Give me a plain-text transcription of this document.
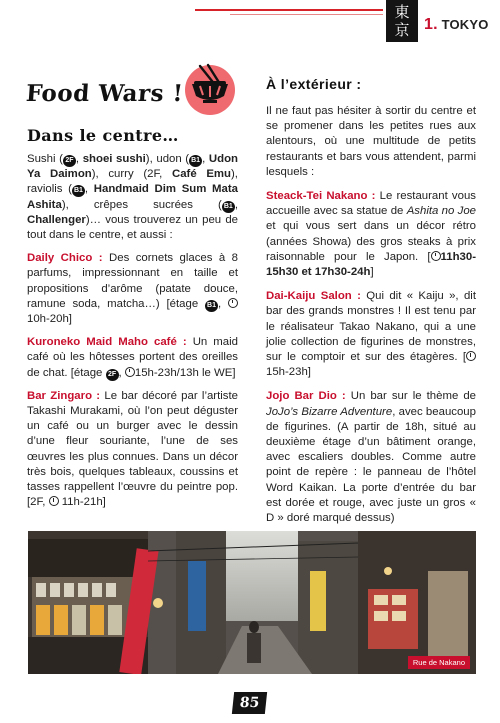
東
京 1. TOKYO
Food Wars !
Dans le centre…

Sushi ( 2F , shoei sushi), udon ( B1 , Udon Ya Daimon), curry (2F, Café Emu), raviolis ( B1 , Handmaid Dim Sum Mata Ashita), crêpes sucrées ( B1 , Challenger)… vous trouverez un peu de tout dans le centre, et aussi :

Daily Chico : Des cornets glaces à 8 parfums, impressionnant en taille et propositions d’arôme (patate douce, ramune soda, matcha…) [étage B1 , 10h-20h]

Kuroneko Maid Maho café : Un maid café où les hôtesses portent des oreilles de chat. [étage 2F , 15h-23h/13h le WE]

Bar Zingaro : Le bar décoré par l’artiste Takashi Murakami, où l’on peut déguster un café ou un burger avec le dessin d’une fleur souriante, l’une de ses œuvres les plus connues. Dans un décor très bois, quelques tableaux, coussins et tasses rappellent l’œuvre du peintre pop. [2F,  11h-21h]

À l’extérieur :

Il ne faut pas hésiter à sortir du centre et se promener dans les petites rues aux alentours, où une multitude de petits restaurants et bars vous attendent, parmi lesquels :

Steack-Tei Nakano : Le restaurant vous accueille avec sa statue de Ashita no Joe et qui vous sert dans un décor rétro (années Showa) des gros steaks à prix raisonnable pour le Japon. [ 11h30-15h30 et 17h30-24h]

Dai-Kaiju Salon : Qui dit « Kaiju », dit bar des grands monstres ! Il est tenu par le réalisateur Takao Nakano, qui a une jolie collection de figurines de monstres, sur le comptoir et sur des étagères. [15h-23h]

Jojo Bar Dio : Un bar sur le thème de JoJo’s Bizarre Adventure, avec beaucoup de figurines. (A partir de 18h, situé au deuxième étage d’un bâtiment orange, avec escaliers doubles. Comme autre point de repère : le panneau de l’hôtel Word Kaikan. La porte d’entrée du bar est dorée et rouge, avec juste un gros « D » doré marqué dessus)

Rue de Nakano
85
